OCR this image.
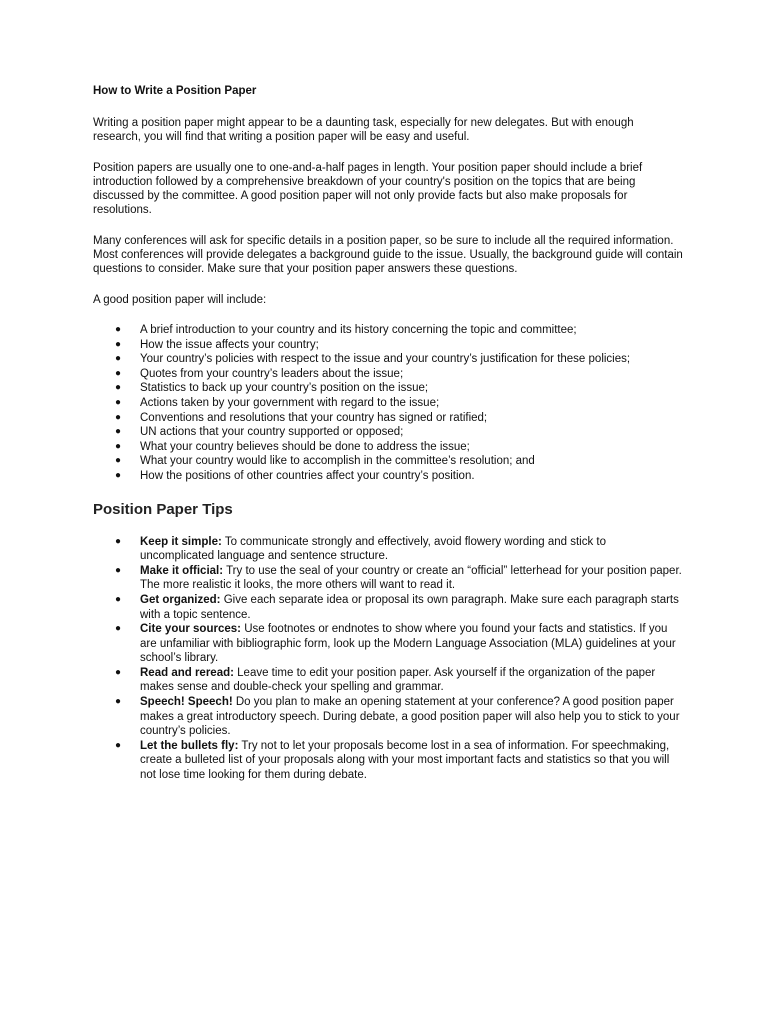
How to Write a Position Paper

Writing a position paper might appear to be a daunting task, especially for new delegates. But with enough research, you will find that writing a position paper will be easy and useful.

Position papers are usually one to one-and-a-half pages in length. Your position paper should include a brief introduction followed by a comprehensive breakdown of your country's position on the topics that are being discussed by the committee. A good position paper will not only provide facts but also make proposals for resolutions.

Many conferences will ask for specific details in a position paper, so be sure to include all the required information. Most conferences will provide delegates a background guide to the issue. Usually, the background guide will contain questions to consider. Make sure that your position paper answers these questions.

A good position paper will include:

● A brief introduction to your country and its history concerning the topic and committee;
● How the issue affects your country;
● Your country’s policies with respect to the issue and your country’s justification for these policies;
● Quotes from your country’s leaders about the issue;
● Statistics to back up your country’s position on the issue;
● Actions taken by your government with regard to the issue;
● Conventions and resolutions that your country has signed or ratified;
● UN actions that your country supported or opposed;
● What your country believes should be done to address the issue;
● What your country would like to accomplish in the committee’s resolution; and
● How the positions of other countries affect your country’s position.
Position Paper Tips
● Keep it simple: To communicate strongly and effectively, avoid flowery wording and stick to uncomplicated language and sentence structure.
● Make it official: Try to use the seal of your country or create an “official” letterhead for your position paper. The more realistic it looks, the more others will want to read it.
● Get organized: Give each separate idea or proposal its own paragraph. Make sure each paragraph starts with a topic sentence.
● Cite your sources: Use footnotes or endnotes to show where you found your facts and statistics. If you are unfamiliar with bibliographic form, look up the Modern Language Association (MLA) guidelines at your school’s library.
● Read and reread: Leave time to edit your position paper. Ask yourself if the organization of the paper makes sense and double-check your spelling and grammar.
● Speech! Speech! Do you plan to make an opening statement at your conference? A good position paper makes a great introductory speech. During debate, a good position paper will also help you to stick to your country’s policies.
● Let the bullets fly: Try not to let your proposals become lost in a sea of information. For speechmaking, create a bulleted list of your proposals along with your most important facts and statistics so that you will not lose time looking for them during debate.
